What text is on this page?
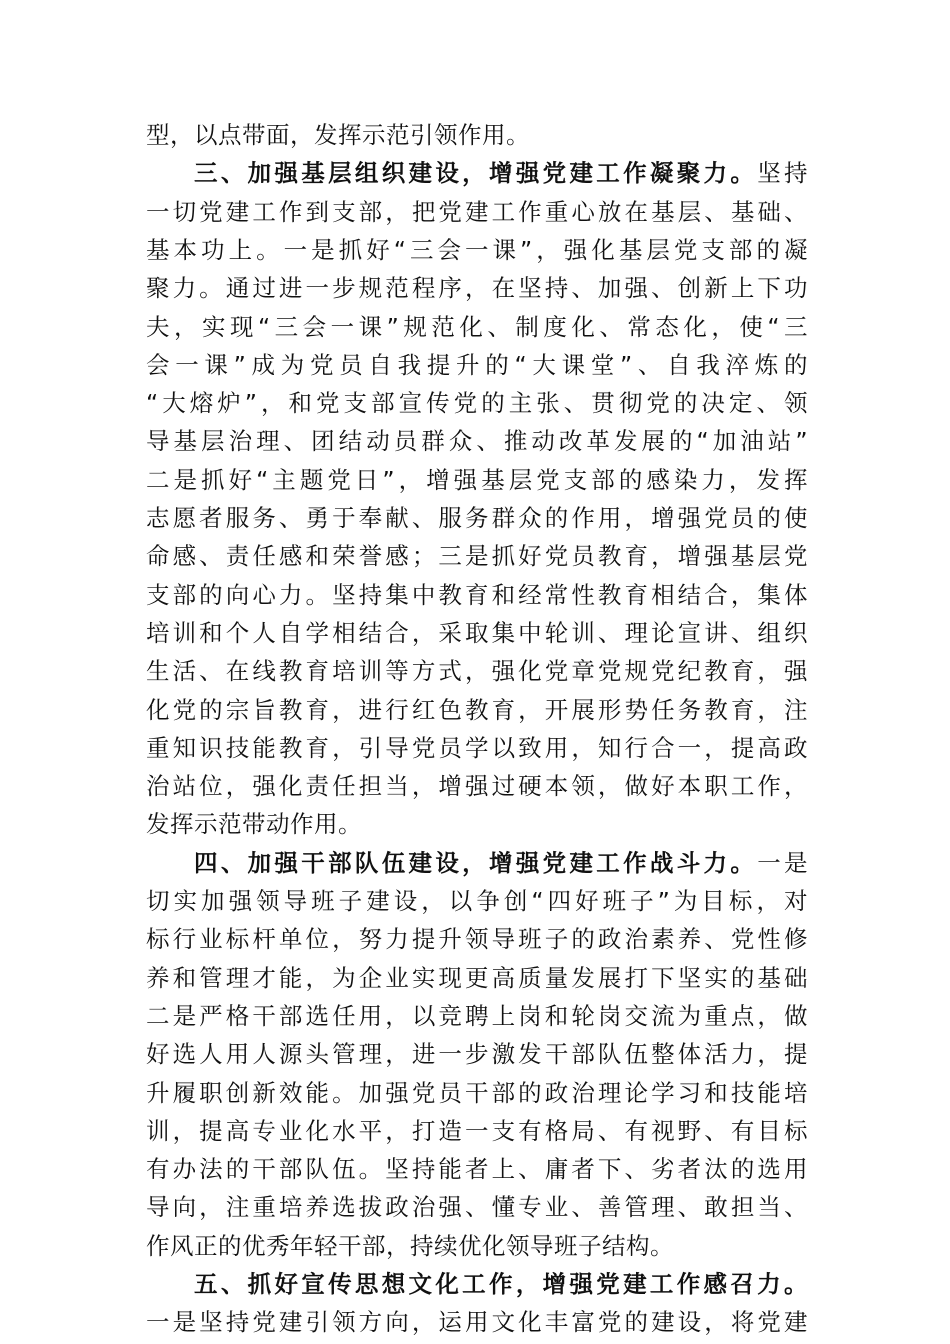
型，以点带面，发挥示范引领作用。
三、加强基层组织建设，增强党建工作凝聚力。坚持
一切党建工作到支部，把党建工作重心放在基层、基础、
基本功上。一是抓好“三会一课”，强化基层党支部的凝
聚力。通过进一步规范程序，在坚持、加强、创新上下功
夫，实现“三会一课”规范化、制度化、常态化，使“三
会一课”成为党员自我提升的“大课堂”、自我淬炼的
“大熔炉”，和党支部宣传党的主张、贯彻党的决定、领
导基层治理、团结动员群众、推动改革发展的“加油站”
二是抓好“主题党日”，增强基层党支部的感染力，发挥
志愿者服务、勇于奉献、服务群众的作用，增强党员的使
命感、责任感和荣誉感；三是抓好党员教育，增强基层党
支部的向心力。坚持集中教育和经常性教育相结合，集体
培训和个人自学相结合，采取集中轮训、理论宣讲、组织
生活、在线教育培训等方式，强化党章党规党纪教育，强
化党的宗旨教育，进行红色教育，开展形势任务教育，注
重知识技能教育，引导党员学以致用，知行合一，提高政
治站位，强化责任担当，增强过硬本领，做好本职工作，
发挥示范带动作用。
四、加强干部队伍建设，增强党建工作战斗力。一是
切实加强领导班子建设，以争创“四好班子”为目标，对
标行业标杆单位，努力提升领导班子的政治素养、党性修
养和管理才能，为企业实现更高质量发展打下坚实的基础
二是严格干部选任用，以竞聘上岗和轮岗交流为重点，做
好选人用人源头管理，进一步激发干部队伍整体活力，提
升履职创新效能。加强党员干部的政治理论学习和技能培
训，提高专业化水平，打造一支有格局、有视野、有目标
有办法的干部队伍。坚持能者上、庸者下、劣者汰的选用
导向，注重培养选拔政治强、懂专业、善管理、敢担当、
作风正的优秀年轻干部，持续优化领导班子结构。
五、抓好宣传思想文化工作，增强党建工作感召力。
一是坚持党建引领方向，运用文化丰富党的建设，将党建
